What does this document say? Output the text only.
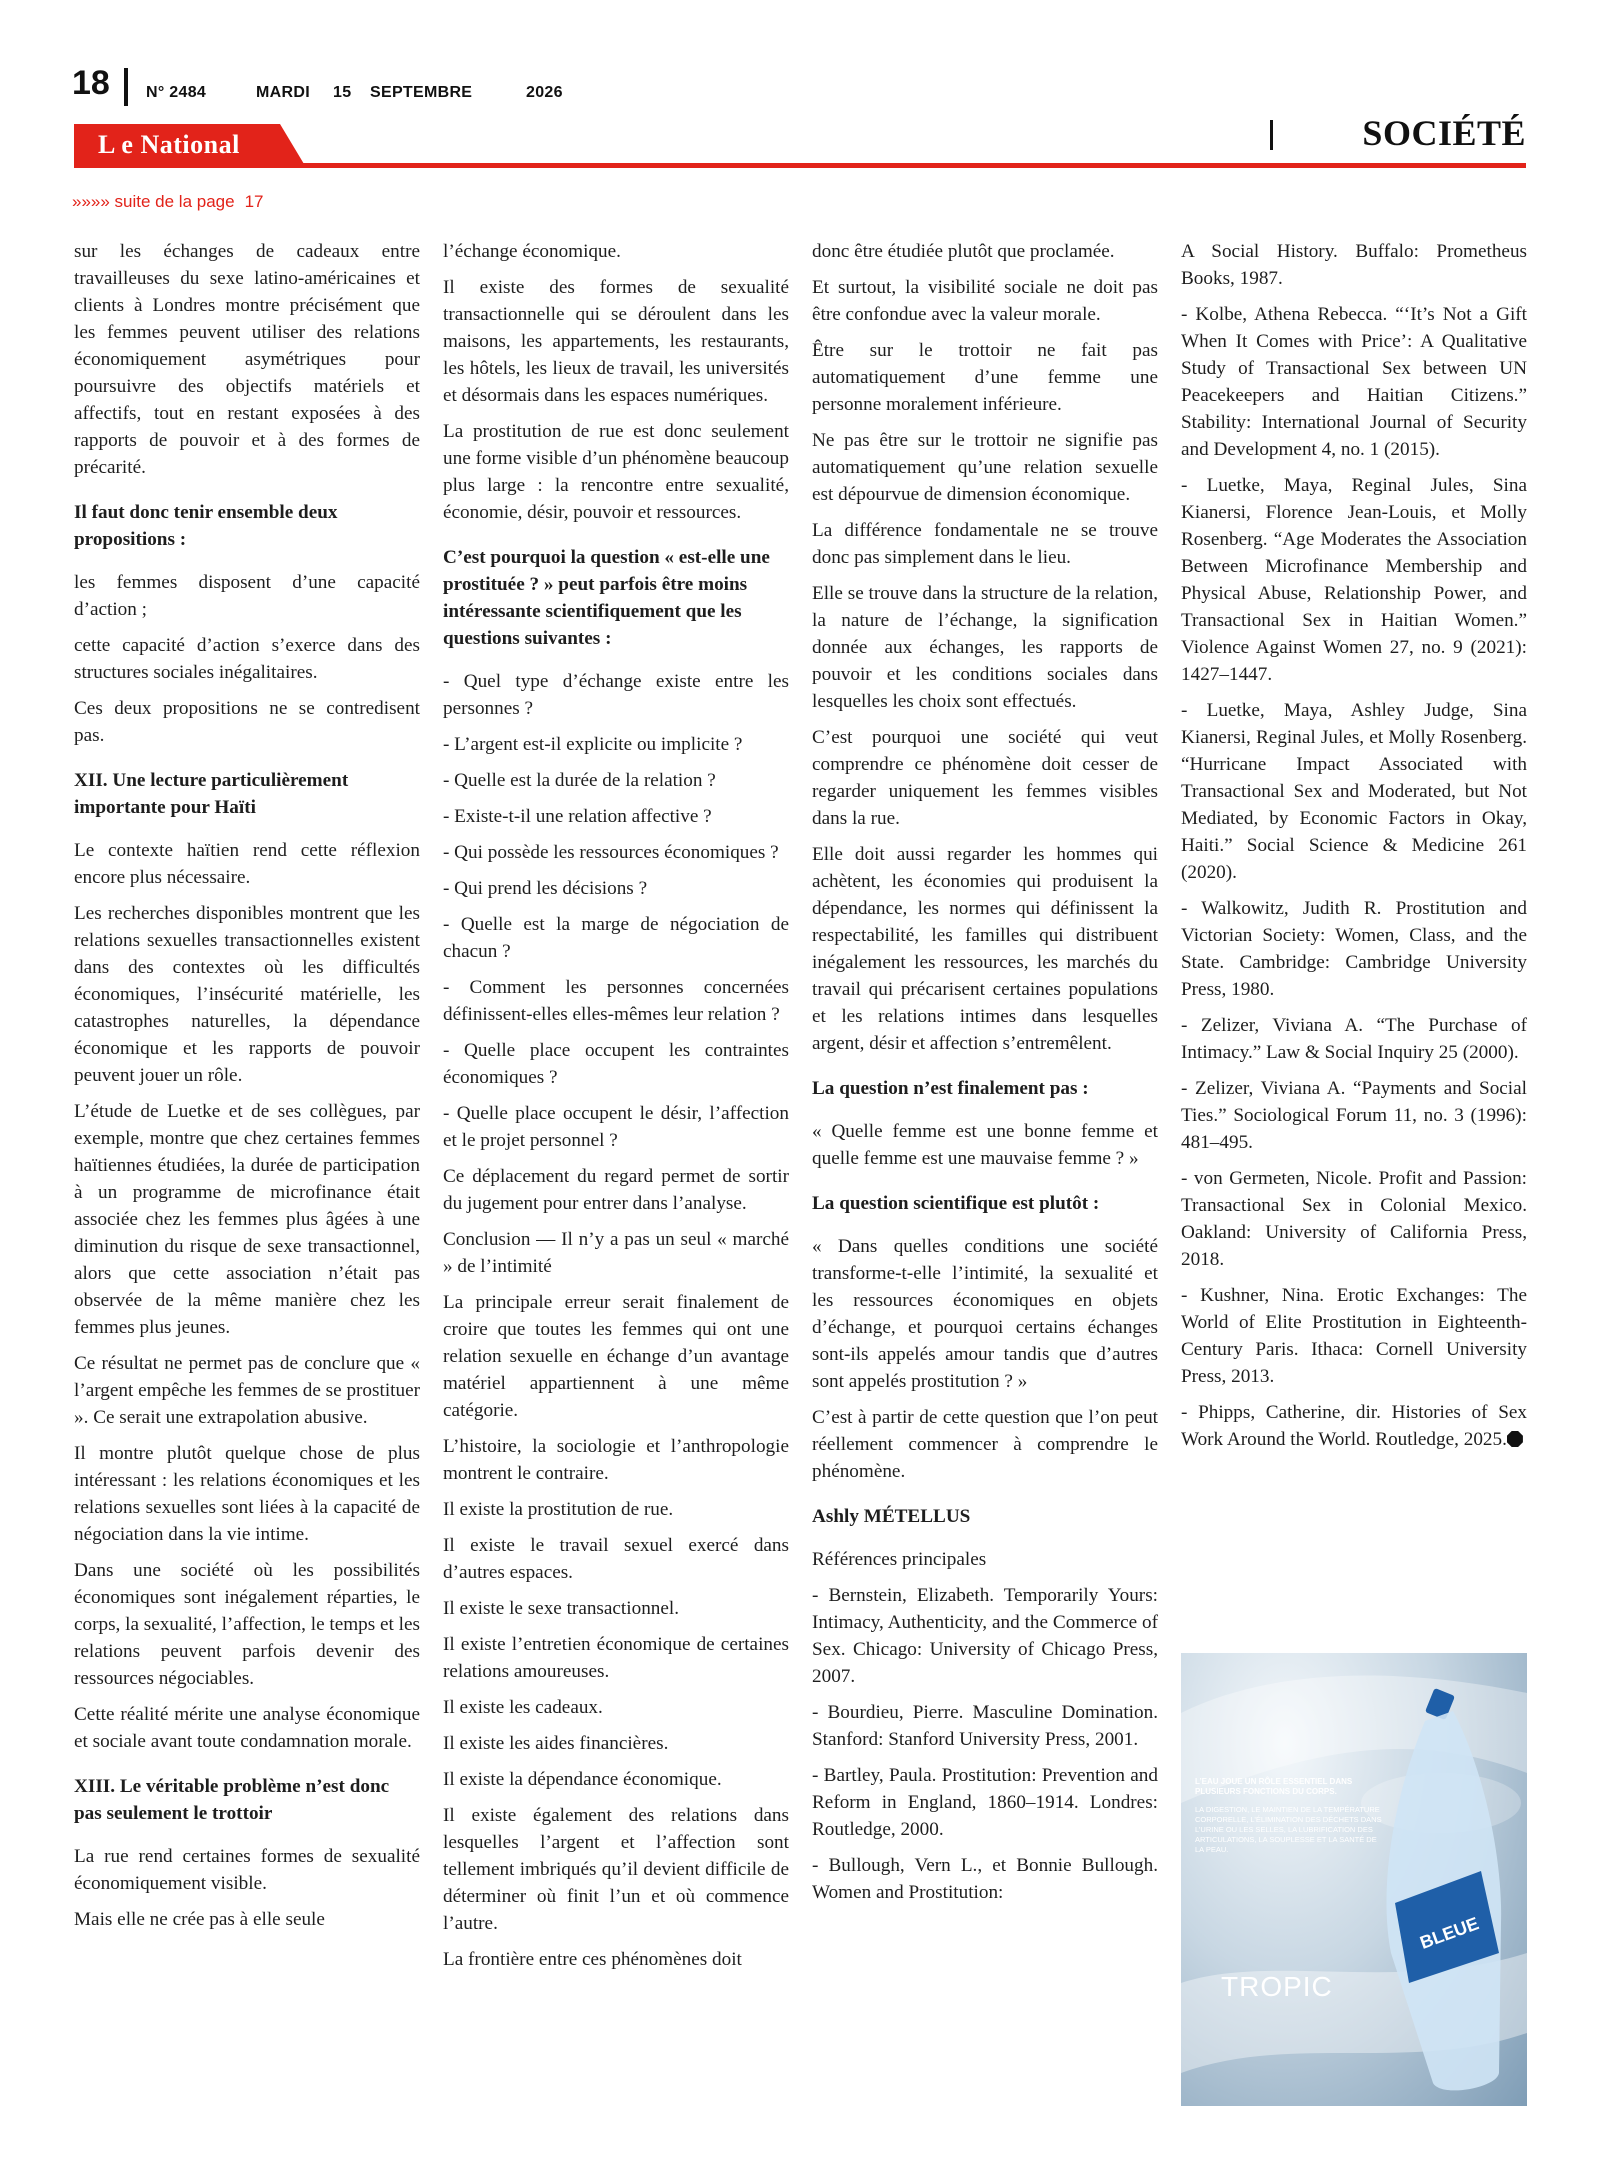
18 N° 2484	MARDI 15 SEPTEMBRE	2026
L e National	SOCIÉTÉ
»»»» suite de la page 17

sur les échanges de cadeaux entre travailleuses du sexe latino-américaines et clients à Londres montre précisément que les femmes peuvent utiliser des relations économiquement asymétriques pour poursuivre des objectifs matériels et affectifs, tout en restant exposées à des rapports de pouvoir et à des formes de précarité.

Il faut donc tenir ensemble deux propositions :

les femmes disposent d’une capacité d’action ;

cette capacité d’action s’exerce dans des structures sociales inégalitaires.

Ces deux propositions ne se contredisent pas.

XII. Une lecture particulièrement importante pour Haïti

Le contexte haïtien rend cette réflexion encore plus nécessaire.

Les recherches disponibles montrent que les relations sexuelles transactionnelles existent dans des contextes où les difficultés économiques, l’insécurité matérielle, les catastrophes naturelles, la dépendance économique et les rapports de pouvoir peuvent jouer un rôle.

L’étude de Luetke et de ses collègues, par exemple, montre que chez certaines femmes haïtiennes étudiées, la durée de participation à un programme de microfinance était associée chez les femmes plus âgées à une diminution du risque de sexe transactionnel, alors que cette association n’était pas observée de la même manière chez les femmes plus jeunes.

Ce résultat ne permet pas de conclure que « l’argent empêche les femmes de se prostituer ». Ce serait une extrapolation abusive.

Il montre plutôt quelque chose de plus intéressant : les relations économiques et les relations sexuelles sont liées à la capacité de négociation dans la vie intime.

Dans une société où les possibilités économiques sont inégalement réparties, le corps, la sexualité, l’affection, le temps et les relations peuvent parfois devenir des ressources négociables.

Cette réalité mérite une analyse économique et sociale avant toute condamnation morale.

XIII. Le véritable problème n’est donc pas seulement le trottoir

La rue rend certaines formes de sexualité économiquement visible.

Mais elle ne crée pas à elle seule

l’échange économique.

Il existe des formes de sexualité transactionnelle qui se déroulent dans les maisons, les appartements, les restaurants, les hôtels, les lieux de travail, les universités et désormais dans les espaces numériques.

La prostitution de rue est donc seulement une forme visible d’un phénomène beaucoup plus large : la rencontre entre sexualité, économie, désir, pouvoir et ressources.

C’est pourquoi la question « est-elle une prostituée ? » peut parfois être moins intéressante scientifiquement que les questions suivantes :

- Quel type d’échange existe entre les personnes ?

- L’argent est-il explicite ou implicite ?

- Quelle est la durée de la relation ?

- Existe-t-il une relation affective ?

- Qui possède les ressources économiques ?

- Qui prend les décisions ?

- Quelle est la marge de négociation de chacun ?

- Comment les personnes concernées définissent-elles elles-mêmes leur relation ?

- Quelle place occupent les contraintes économiques ?

- Quelle place occupent le désir, l’affection et le projet personnel ?

Ce déplacement du regard permet de sortir du jugement pour entrer dans l’analyse.

Conclusion — Il n’y a pas un seul « marché » de l’intimité

La principale erreur serait finalement de croire que toutes les femmes qui ont une relation sexuelle en échange d’un avantage matériel appartiennent à une même catégorie.

L’histoire, la sociologie et l’anthropologie montrent le contraire.

Il existe la prostitution de rue.

Il existe le travail sexuel exercé dans d’autres espaces.

Il existe le sexe transactionnel.

Il existe l’entretien économique de certaines relations amoureuses.

Il existe les cadeaux.

Il existe les aides financières.

Il existe la dépendance économique.

Il existe également des relations dans lesquelles l’argent et l’affection sont tellement imbriqués qu’il devient difficile de déterminer où finit l’un et où commence l’autre.

La frontière entre ces phénomènes doit

donc être étudiée plutôt que proclamée.

Et surtout, la visibilité sociale ne doit pas être confondue avec la valeur morale.

Être sur le trottoir ne fait pas automatiquement d’une femme une personne moralement inférieure.

Ne pas être sur le trottoir ne signifie pas automatiquement qu’une relation sexuelle est dépourvue de dimension économique.

La différence fondamentale ne se trouve donc pas simplement dans le lieu.

Elle se trouve dans la structure de la relation, la nature de l’échange, la signification donnée aux échanges, les rapports de pouvoir et les conditions sociales dans lesquelles les choix sont effectués.

C’est pourquoi une société qui veut comprendre ce phénomène doit cesser de regarder uniquement les femmes visibles dans la rue.

Elle doit aussi regarder les hommes qui achètent, les économies qui produisent la dépendance, les normes qui définissent la respectabilité, les familles qui distribuent inégalement les ressources, les marchés du travail qui précarisent certaines populations et les relations intimes dans lesquelles argent, désir et affection s’entremêlent.

La question n’est finalement pas :

« Quelle femme est une bonne femme et quelle femme est une mauvaise femme ? »

La question scientifique est plutôt :

« Dans quelles conditions une société transforme-t-elle l’intimité, la sexualité et les ressources économiques en objets d’échange, et pourquoi certains échanges sont-ils appelés amour tandis que d’autres sont appelés prostitution ? »

C’est à partir de cette question que l’on peut réellement commencer à comprendre le phénomène.

Ashly MÉTELLUS

Références principales

- Bernstein, Elizabeth. Temporarily Yours: Intimacy, Authenticity, and the Commerce of Sex. Chicago: University of Chicago Press, 2007.

- Bourdieu, Pierre. Masculine Domination. Stanford: Stanford University Press, 2001.

- Bartley, Paula. Prostitution: Prevention and Reform in England, 1860–1914. Londres: Routledge, 2000.

- Bullough, Vern L., et Bonnie Bullough. Women and Prostitution:

A Social History. Buffalo: Prometheus Books, 1987.

- Kolbe, Athena Rebecca. “‘It’s Not a Gift When It Comes with Price’: A Qualitative Study of Transactional Sex between UN Peacekeepers and Haitian Citizens.” Stability: International Journal of Security and Development 4, no. 1 (2015).

- Luetke, Maya, Reginal Jules, Sina Kianersi, Florence Jean-Louis, et Molly Rosenberg. “Age Moderates the Association Between Microfinance Membership and Physical Abuse, Relationship Power, and Transactional Sex in Haitian Women.” Violence Against Women 27, no. 9 (2021): 1427–1447.

- Luetke, Maya, Ashley Judge, Sina Kianersi, Reginal Jules, et Molly Rosenberg. “Hurricane Impact Associated with Transactional Sex and Moderated, but Not Mediated, by Economic Factors in Okay, Haiti.” Social Science & Medicine 261 (2020).

- Walkowitz, Judith R. Prostitution and Victorian Society: Women, Class, and the State. Cambridge: Cambridge University Press, 1980.

- Zelizer, Viviana A. “The Purchase of Intimacy.” Law & Social Inquiry 25 (2000).

- Zelizer, Viviana A. “Payments and Social Ties.” Sociological Forum 11, no. 3 (1996): 481–495.

- von Germeten, Nicole. Profit and Passion: Transactional Sex in Colonial Mexico. Oakland: University of California Press, 2018.

- Kushner, Nina. Erotic Exchanges: The World of Elite Prostitution in Eighteenth-Century Paris. Ithaca: Cornell University Press, 2013.

- Phipps, Catherine, dir. Histories of Sex Work Around the World. Routledge, 2025.

L’EAU JOUE UN RÔLE ESSENTIEL DANS PLUSIEURS FONCTIONS DU CORPS.
LA DIGESTION, LE MAINTIEN DE LA TEMPÉRATURE CORPORELLE, L’ÉLIMINATION DES DÉCHETS DANS L’URINE OU LES SELLES, LA LUBRIFICATION DES ARTICULATIONS, LA SOUPLESSE ET LA SANTÉ DE LA PEAU.
BLEUE
TROPIC
